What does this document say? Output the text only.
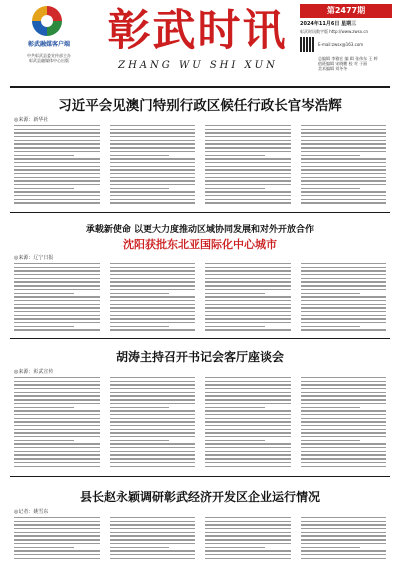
彰武融媒客户端
中共彰武县委宣传部主办
彰武县融媒体中心出版
彰武时讯
ZHANG WU SHI XUN
第2477期
2024年11月6日 星期三
彰武时讯数字版 http://www.zwsx.cn
E-mail:zwsx@163.com
总编辑 李雅宏 编 辑 张伟东 王 婷
值班编辑 宋晓鹏 校 对 于丽
美术编辑 刘冬冬
习近平会见澳门特别行政区候任行政长官岑浩辉
◎来源：新华社
承载新使命 以更大力度推动区域协同发展和对外开放合作
沈阳获批东北亚国际化中心城市
◎来源：辽宁日报
胡涛主持召开书记会客厅座谈会
◎来源：彰武宣传
县长赵永颖调研彰武经济开发区企业运行情况
◎记者：姚雪东
